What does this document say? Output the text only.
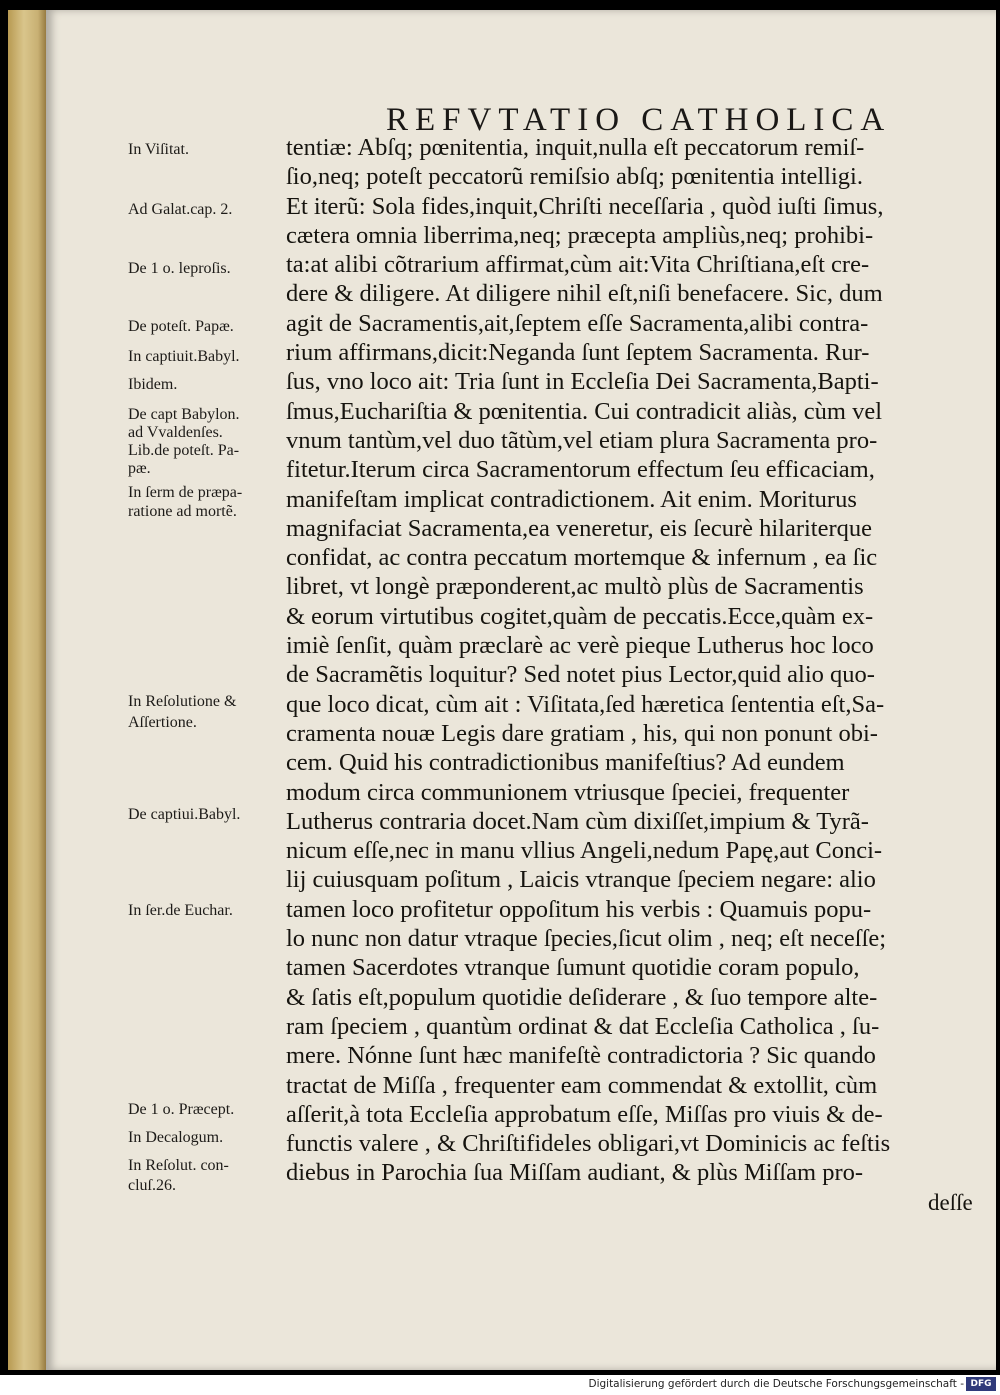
REFVTATIO CATHOLICA
In Viſitat.
Ad Galat.cap. 2.
De 1 o. leproſis.
De poteſt. Papæ.
In captiuit.Babyl.
Ibidem.
De capt Babylon.
ad Vvaldenſes.
Lib.de poteſt. Pa-
pæ.
In ſerm de præpa-
ratione ad mortẽ.
In Reſolutione &
Aſſertione.
De captiui.Babyl.
In ſer.de Euchar.
De 1 o. Præcept.
In Decalogum.
In Reſolut. con-
cluſ.26.
tentiæ: Abſq; pœnitentia, inquit,nulla eſt peccatorum remiſ-
ſio,neq; poteſt peccatorũ remiſsio abſq; pœnitentia intelligi.
Et iterũ: Sola fides,inquit,Chriſti neceſſaria , quòd iuſti ſimus,
cætera omnia liberrima,neq; præcepta ampliùs,neq; prohibi-
ta:at alibi cõtrarium affirmat,cùm ait:Vita Chriſtiana,eſt cre-
dere & diligere. At diligere nihil eſt,niſi benefacere. Sic, dum
agit de Sacramentis,ait,ſeptem eſſe Sacramenta,alibi contra-
rium affirmans,dicit:Neganda ſunt ſeptem Sacramenta. Rur-
ſus, vno loco ait: Tria ſunt in Eccleſia Dei Sacramenta,Bapti-
ſmus,Euchariſtia & pœnitentia. Cui contradicit aliàs, cùm vel
vnum tantùm,vel duo tãtùm,vel etiam plura Sacramenta pro-
fitetur.Iterum circa Sacramentorum effectum ſeu efficaciam,
manifeſtam implicat contradictionem. Ait enim. Moriturus
magnifaciat Sacramenta,ea veneretur, eis ſecurè hilariterque
confidat, ac contra peccatum mortemque & infernum , ea ſic
libret, vt longè præponderent,ac multò plùs de Sacramentis
& eorum virtutibus cogitet,quàm de peccatis.Ecce,quàm ex-
imiè ſenſit, quàm præclarè ac verè pieque Lutherus hoc loco
de Sacramẽtis loquitur? Sed notet pius Lector,quid alio quo-
que loco dicat, cùm ait : Viſitata,ſed hæretica ſententia eſt,Sa-
cramenta nouæ Legis dare gratiam , his, qui non ponunt obi-
cem. Quid his contradictionibus manifeſtius? Ad eundem
modum circa communionem vtriusque ſpeciei, frequenter
Lutherus contraria docet.Nam cùm dixiſſet,impium & Tyrã-
nicum eſſe,nec in manu vllius Angeli,nedum Papę,aut Conci-
lij cuiusquam poſitum , Laicis vtranque ſpeciem negare: alio
tamen loco profitetur oppoſitum his verbis : Quamuis popu-
lo nunc non datur vtraque ſpecies,ſicut olim , neq; eſt neceſſe;
tamen Sacerdotes vtranque ſumunt quotidie coram populo,
& ſatis eſt,populum quotidie deſiderare , & ſuo tempore alte-
ram ſpeciem , quantùm ordinat & dat Eccleſia Catholica , ſu-
mere. Nónne ſunt hæc manifeſtè contradictoria ? Sic quando
tractat de Miſſa , frequenter eam commendat & extollit, cùm
aſſerit,à tota Eccleſia approbatum eſſe, Miſſas pro viuis & de-
functis valere , & Chriſtifideles obligari,vt Dominicis ac feſtis
diebus in Parochia ſua Miſſam audiant, & plùs Miſſam pro-
deſſe
Digitalisierung gefördert durch die Deutsche Forschungsgemeinschaft - DFG
